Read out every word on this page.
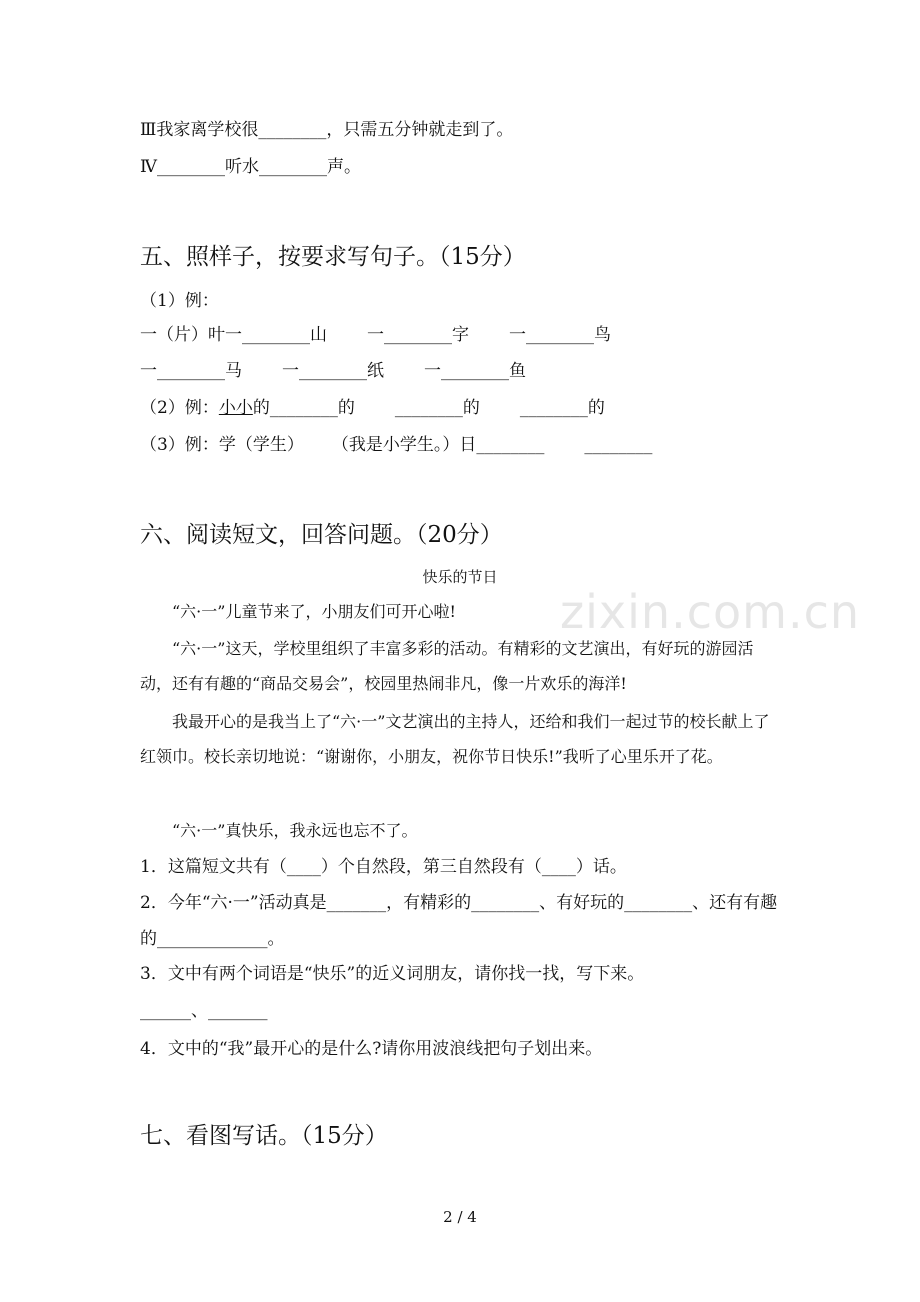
zixin.com.cn
Ⅲ我家离学校很________，只需五分钟就走到了。
Ⅳ________听水________声。
五、照样子，按要求写句子。（15分）
（1）例：
一（片）叶一________山 一________字 一________鸟
一________马 一________纸 一________鱼
（2）例：小小的________的 ________的 ________的
（3）例：学（学生） （我是小学生。）日________ ________
六、阅读短文，回答问题。（20分）
快乐的节日
“六·一”儿童节来了，小朋友们可开心啦!
“六·一”这天，学校里组织了丰富多彩的活动。有精彩的文艺演出，有好玩的游园活动，还有有趣的“商品交易会”，校园里热闹非凡，像一片欢乐的海洋!
我最开心的是我当上了“六·一”文艺演出的主持人，还给和我们一起过节的校长献上了红领巾。校长亲切地说：“谢谢你，小朋友，祝你节日快乐!”我听了心里乐开了花。
“六·一”真快乐，我永远也忘不了。
1．这篇短文共有（____）个自然段，第三自然段有（____）话。
2．今年“六·一”活动真是_______，有精彩的________、有好玩的________、还有有趣的_____________。
3．文中有两个词语是“快乐”的近义词朋友，请你找一找，写下来。
______、_______
4．文中的“我”最开心的是什么?请你用波浪线把句子划出来。
七、看图写话。（15分）
2 / 4
